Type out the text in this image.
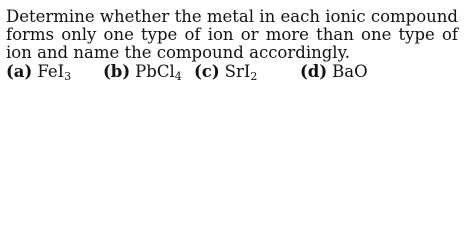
Determine whether the metal in each ionic compound forms only one type of ion or more than one type of ion and name the compound accordingly.
(a) FeI$_3$ (b) PbCl$_4$ (c) SrI$_2$	(d) BaO
